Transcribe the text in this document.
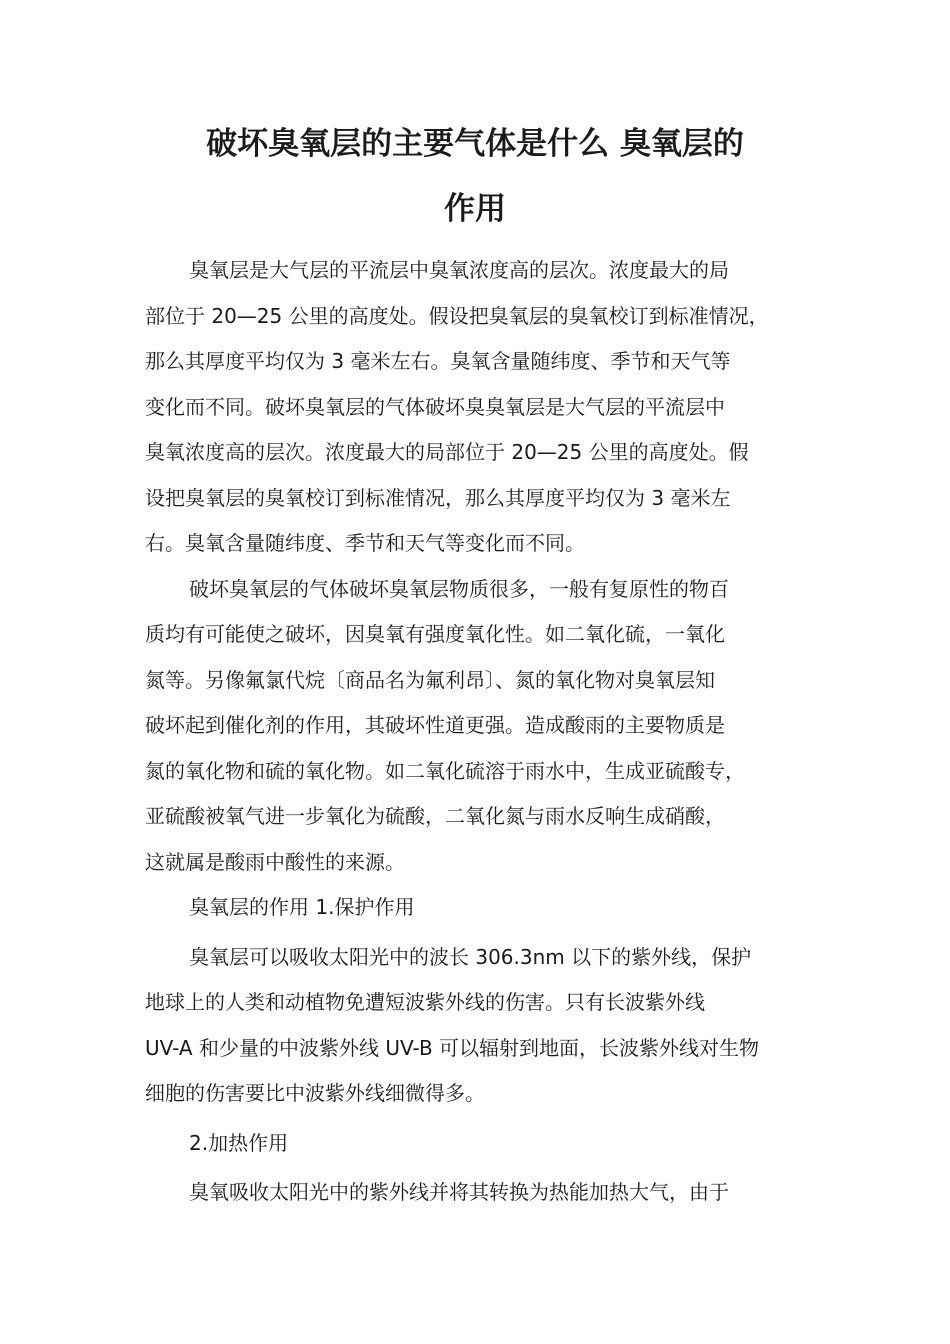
破坏臭氧层的主要气体是什么 臭氧层的
作用

臭氧层是大气层的平流层中臭氧浓度高的层次。浓度最大的局
部位于 20—25 公里的高度处。假设把臭氧层的臭氧校订到标准情况，
那么其厚度平均仅为 3 毫米左右。臭氧含量随纬度、季节和天气等
变化而不同。破坏臭氧层的气体破坏臭臭氧层是大气层的平流层中
臭氧浓度高的层次。浓度最大的局部位于 20—25 公里的高度处。假
设把臭氧层的臭氧校订到标准情况，那么其厚度平均仅为 3 毫米左
右。臭氧含量随纬度、季节和天气等变化而不同。

破坏臭氧层的气体破坏臭氧层物质很多，一般有复原性的物百
质均有可能使之破坏，因臭氧有强度氧化性。如二氧化硫，一氧化
氮等。另像氟氯代烷〔商品名为氟利昂〕、氮的氧化物对臭氧层知
破坏起到催化剂的作用，其破坏性道更强。造成酸雨的主要物质是
氮的氧化物和硫的氧化物。如二氧化硫溶于雨水中，生成亚硫酸专，
亚硫酸被氧气进一步氧化为硫酸，二氧化氮与雨水反响生成硝酸，
这就属是酸雨中酸性的来源。

臭氧层的作用 1.保护作用

臭氧层可以吸收太阳光中的波长 306.3nm 以下的紫外线，保护
地球上的人类和动植物免遭短波紫外线的伤害。只有长波紫外线
UV-A 和少量的中波紫外线 UV-B 可以辐射到地面，长波紫外线对生物
细胞的伤害要比中波紫外线细微得多。

2.加热作用

臭氧吸收太阳光中的紫外线并将其转换为热能加热大气，由于
